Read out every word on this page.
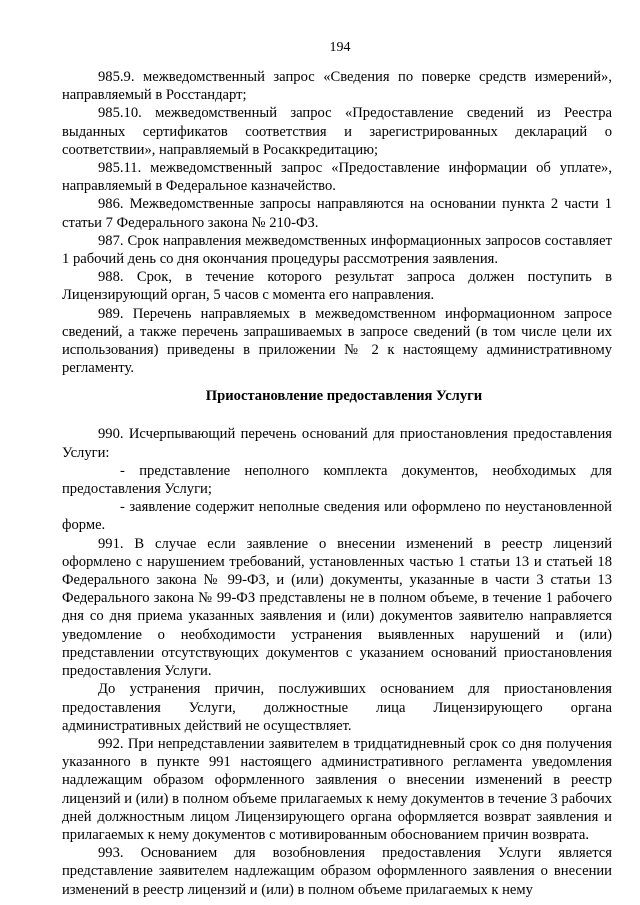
194

985.9. межведомственный запрос «Сведения по поверке средств измерений», направляемый в Росстандарт;

985.10. межведомственный запрос «Предоставление сведений из Реестра выданных сертификатов соответствия и зарегистрированных деклараций о соответствии», направляемый в Росаккредитацию;

985.11. межведомственный запрос «Предоставление информации об уплате», направляемый в Федеральное казначейство.

986. Межведомственные запросы направляются на основании пункта 2 части 1 статьи 7 Федерального закона № 210-ФЗ.

987. Срок направления межведомственных информационных запросов составляет 1 рабочий день со дня окончания процедуры рассмотрения заявления.

988. Срок, в течение которого результат запроса должен поступить в Лицензирующий орган, 5 часов с момента его направления.

989. Перечень направляемых в межведомственном информационном запросе сведений, а также перечень запрашиваемых в запросе сведений (в том числе цели их использования) приведены в приложении № 2 к настоящему административному регламенту.

Приостановление предоставления Услуги

990. Исчерпывающий перечень оснований для приостановления предоставления Услуги:

- представление неполного комплекта документов, необходимых для предоставления Услуги;

- заявление содержит неполные сведения или оформлено по неустановленной форме.

991. В случае если заявление о внесении изменений в реестр лицензий оформлено с нарушением требований, установленных частью 1 статьи 13 и статьей 18 Федерального закона № 99-ФЗ, и (или) документы, указанные в части 3 статьи 13 Федерального закона № 99-ФЗ представлены не в полном объеме, в течение 1 рабочего дня со дня приема указанных заявления и (или) документов заявителю направляется уведомление о необходимости устранения выявленных нарушений и (или) представлении отсутствующих документов с указанием оснований приостановления предоставления Услуги.

До устранения причин, послуживших основанием для приостановления предоставления Услуги, должностные лица Лицензирующего органа административных действий не осуществляет.

992. При непредставлении заявителем в тридцатидневный срок со дня получения указанного в пункте 991 настоящего административного регламента уведомления надлежащим образом оформленного заявления о внесении изменений в реестр лицензий и (или) в полном объеме прилагаемых к нему документов в течение 3 рабочих дней должностным лицом Лицензирующего органа оформляется возврат заявления и прилагаемых к нему документов с мотивированным обоснованием причин возврата.

993. Основанием для возобновления предоставления Услуги является представление заявителем надлежащим образом оформленного заявления о внесении изменений в реестр лицензий и (или) в полном объеме прилагаемых к нему
